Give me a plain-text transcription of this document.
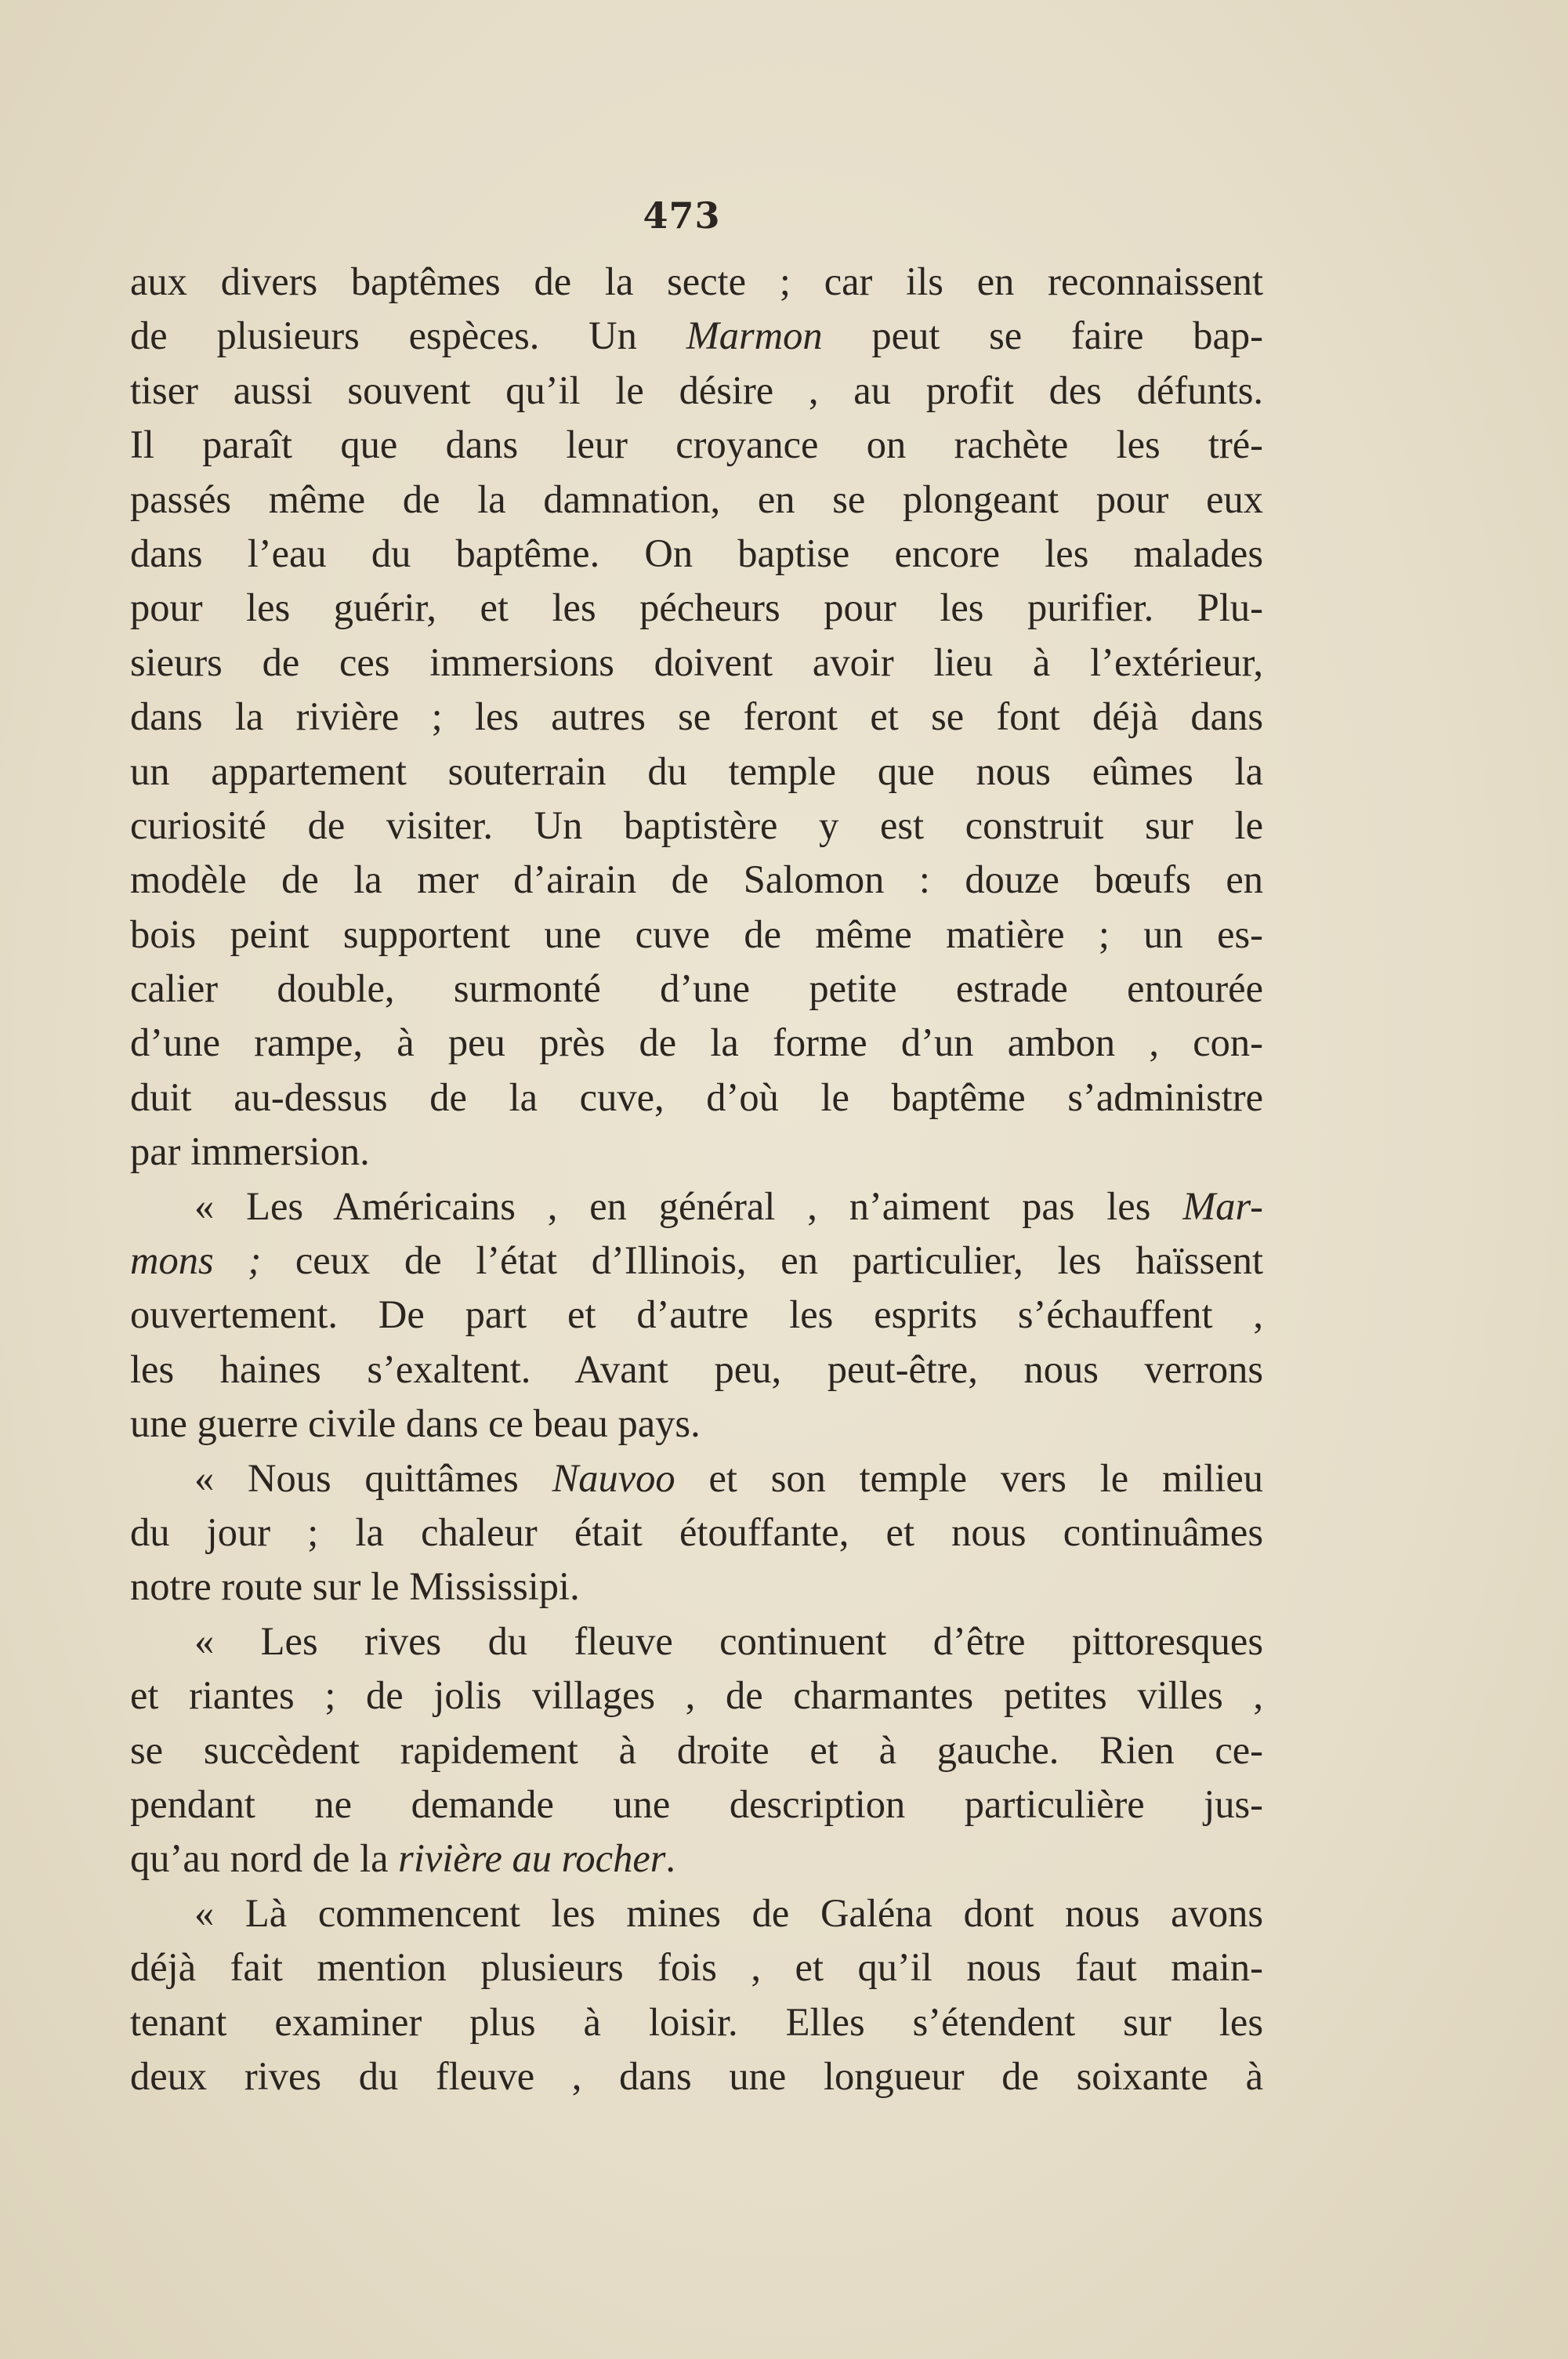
473
aux divers baptêmes de la secte ; car ils en reconnaissent
de plusieurs espèces. Un Marmon peut se faire bap-
tiser aussi souvent qu’il le désire , au profit des défunts.
Il paraît que dans leur croyance on rachète les tré-
passés même de la damnation, en se plongeant pour eux
dans l’eau du baptême. On baptise encore les malades
pour les guérir, et les pécheurs pour les purifier. Plu-
sieurs de ces immersions doivent avoir lieu à l’extérieur,
dans la rivière ; les autres se feront et se font déjà dans
un appartement souterrain du temple que nous eûmes la
curiosité de visiter. Un baptistère y est construit sur le
modèle de la mer d’airain de Salomon : douze bœufs en
bois peint supportent une cuve de même matière ; un es-
calier double, surmonté d’une petite estrade entourée
d’une rampe, à peu près de la forme d’un ambon , con-
duit au-dessus de la cuve, d’où le baptême s’administre
par immersion.
« Les Américains , en général , n’aiment pas les Mar-
mons ; ceux de l’état d’Illinois, en particulier, les haïssent
ouvertement. De part et d’autre les esprits s’échauffent ,
les haines s’exaltent. Avant peu, peut-être, nous verrons
une guerre civile dans ce beau pays.
« Nous quittâmes Nauvoo et son temple vers le milieu
du jour ; la chaleur était étouffante, et nous continuâmes
notre route sur le Mississipi.
« Les rives du fleuve continuent d’être pittoresques
et riantes ; de jolis villages , de charmantes petites villes ,
se succèdent rapidement à droite et à gauche. Rien ce-
pendant ne demande une description particulière jus-
qu’au nord de la rivière au rocher.
« Là commencent les mines de Galéna dont nous avons
déjà fait mention plusieurs fois , et qu’il nous faut main-
tenant examiner plus à loisir. Elles s’étendent sur les
deux rives du fleuve , dans une longueur de soixante à
